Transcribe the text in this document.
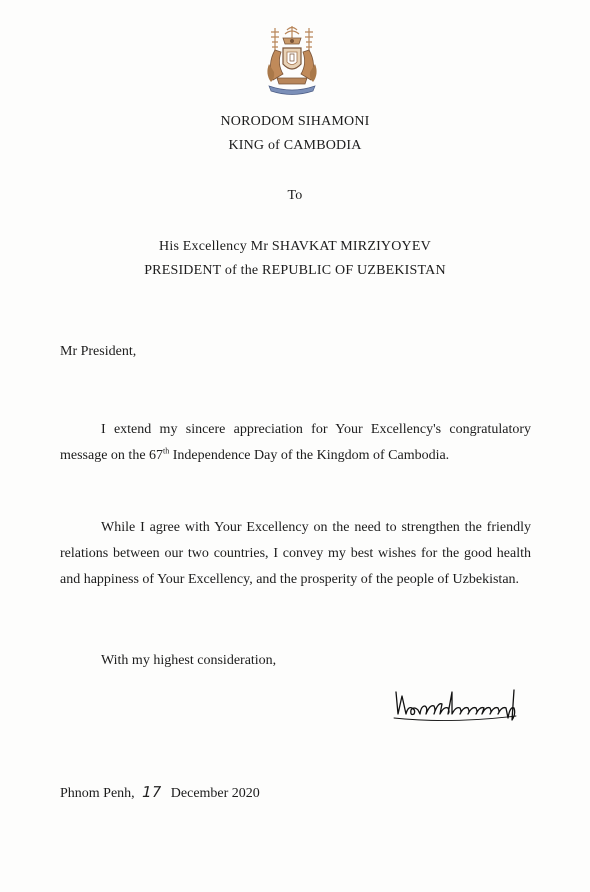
NORODOM SIHAMONI
KING of CAMBODIA
To
His Excellency Mr SHAVKAT MIRZIYOYEV
PRESIDENT of the REPUBLIC OF UZBEKISTAN
Mr President,
I extend my sincere appreciation for Your Excellency's congratulatory message on the 67th Independence Day of the Kingdom of Cambodia.
While I agree with Your Excellency on the need to strengthen the friendly relations between our two countries, I convey my best wishes for the good health and happiness of Your Excellency, and the prosperity of the people of Uzbekistan.
With my highest consideration,
Phnom Penh, 17 December 2020
